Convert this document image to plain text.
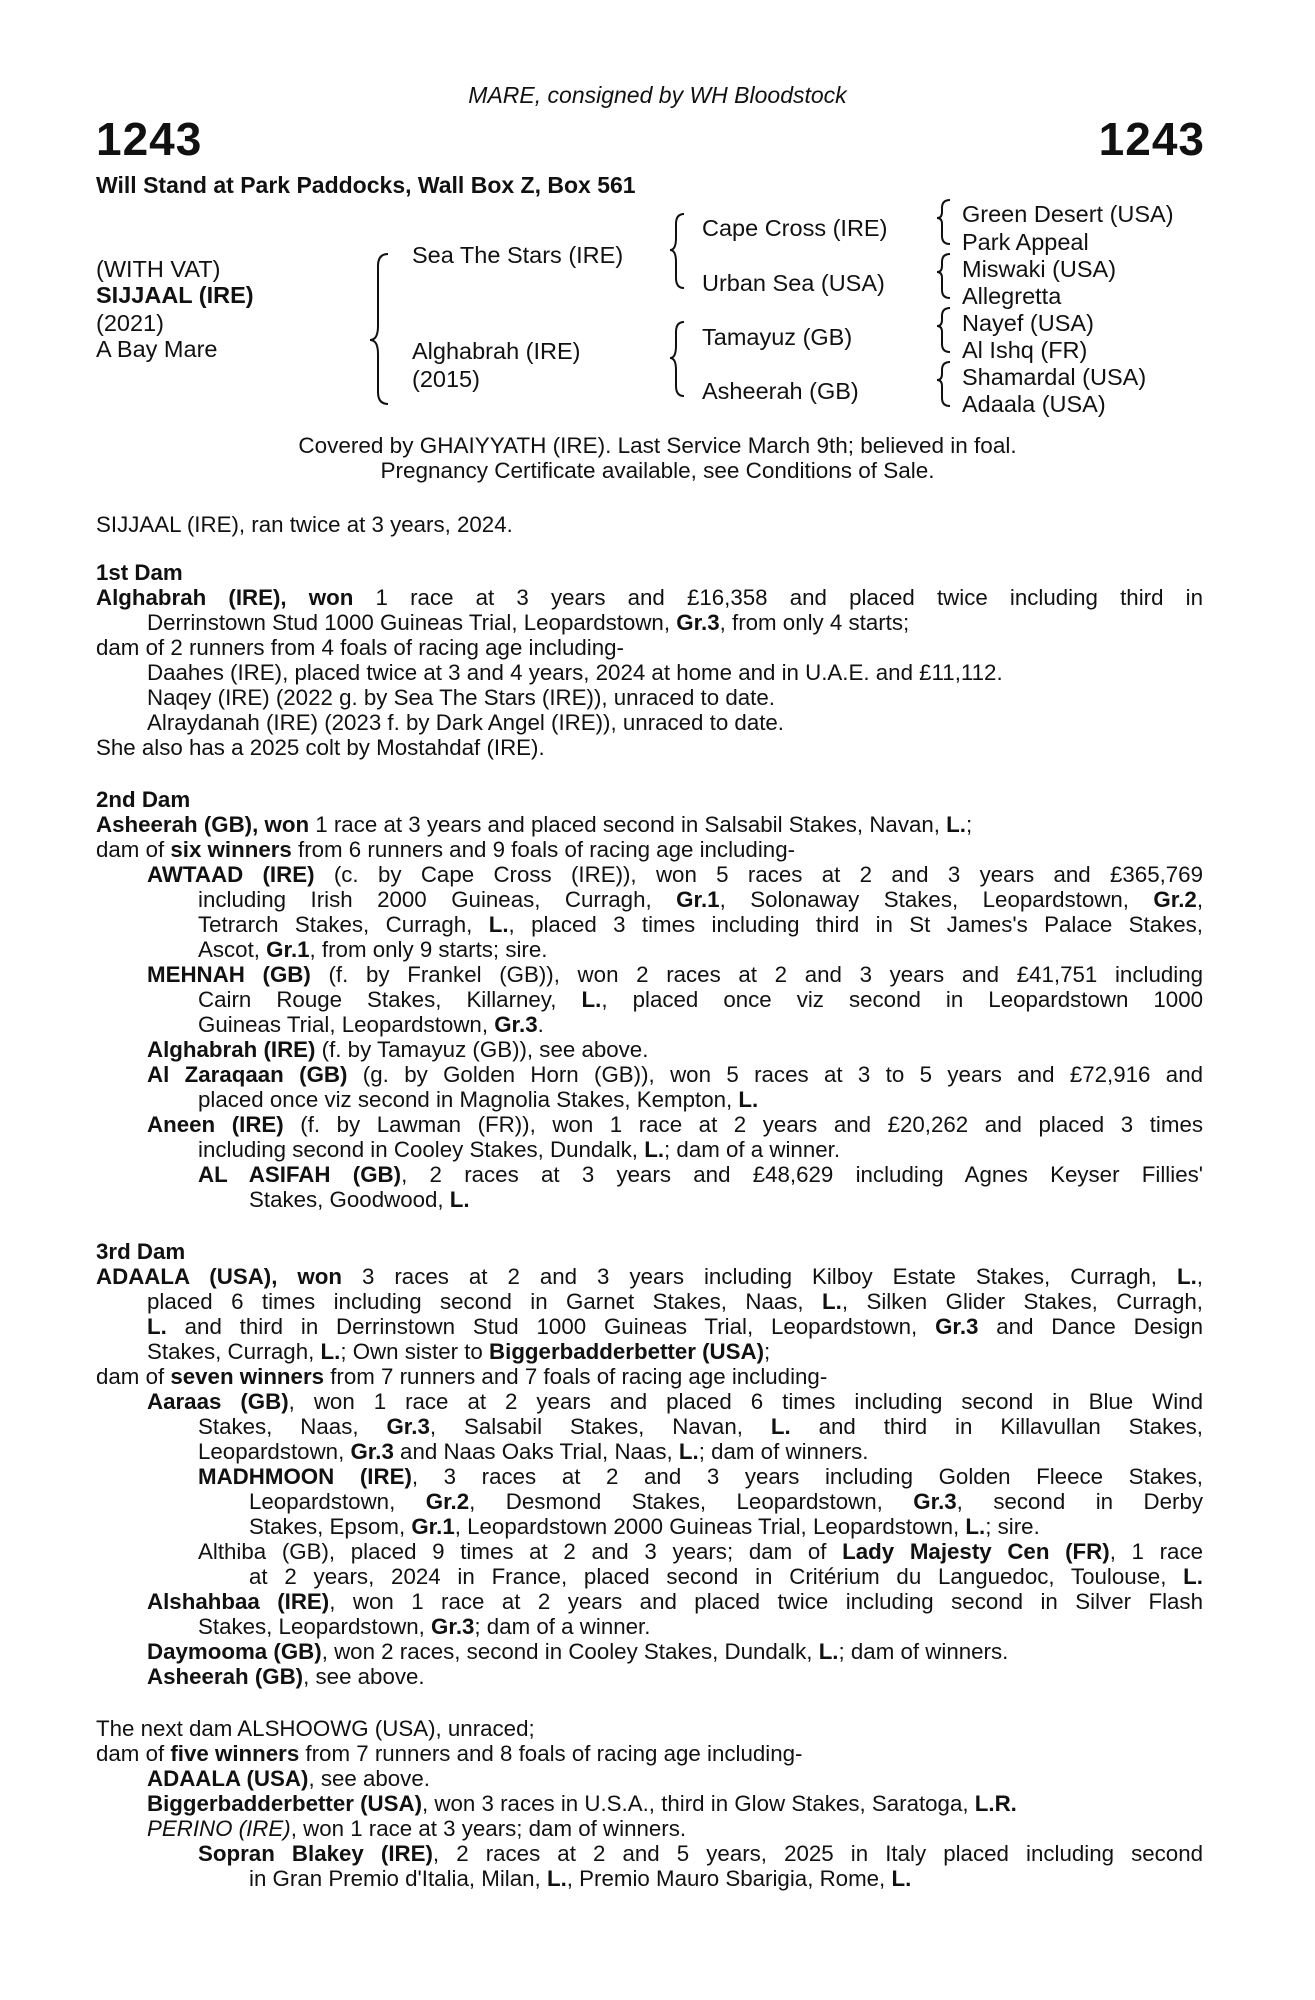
MARE, consigned by WH Bloodstock
1243	1243
Will Stand at Park Paddocks, Wall Box Z, Box 561
(WITH VAT)
SIJJAAL (IRE)
(2021)
A Bay Mare
Sea The Stars (IRE)
Alghabrah (IRE)
(2015)
Cape Cross (IRE)
Urban Sea (USA)
Tamayuz (GB)
Asheerah (GB)
Green Desert (USA)
Park Appeal
Miswaki (USA)
Allegretta
Nayef (USA)
Al Ishq (FR)
Shamardal (USA)
Adaala (USA)
Covered by GHAIYYATH (IRE). Last Service March 9th; believed in foal.
Pregnancy Certificate available, see Conditions of Sale.
SIJJAAL (IRE), ran twice at 3 years, 2024.
1st Dam
Alghabrah (IRE), won 1 race at 3 years and £16,358 and placed twice including third in
Derrinstown Stud 1000 Guineas Trial, Leopardstown, Gr.3, from only 4 starts;
dam of 2 runners from 4 foals of racing age including-
Daahes (IRE), placed twice at 3 and 4 years, 2024 at home and in U.A.E. and £11,112.
Naqey (IRE) (2022 g. by Sea The Stars (IRE)), unraced to date.
Alraydanah (IRE) (2023 f. by Dark Angel (IRE)), unraced to date.
She also has a 2025 colt by Mostahdaf (IRE).
2nd Dam
Asheerah (GB), won 1 race at 3 years and placed second in Salsabil Stakes, Navan, L.;
dam of six winners from 6 runners and 9 foals of racing age including-
AWTAAD (IRE) (c. by Cape Cross (IRE)), won 5 races at 2 and 3 years and £365,769
including Irish 2000 Guineas, Curragh, Gr.1, Solonaway Stakes, Leopardstown, Gr.2,
Tetrarch Stakes, Curragh, L., placed 3 times including third in St James's Palace Stakes,
Ascot, Gr.1, from only 9 starts; sire.
MEHNAH (GB) (f. by Frankel (GB)), won 2 races at 2 and 3 years and £41,751 including
Cairn Rouge Stakes, Killarney, L., placed once viz second in Leopardstown 1000
Guineas Trial, Leopardstown, Gr.3.
Alghabrah (IRE) (f. by Tamayuz (GB)), see above.
Al Zaraqaan (GB) (g. by Golden Horn (GB)), won 5 races at 3 to 5 years and £72,916 and
placed once viz second in Magnolia Stakes, Kempton, L.
Aneen (IRE) (f. by Lawman (FR)), won 1 race at 2 years and £20,262 and placed 3 times
including second in Cooley Stakes, Dundalk, L.; dam of a winner.
AL ASIFAH (GB), 2 races at 3 years and £48,629 including Agnes Keyser Fillies'
Stakes, Goodwood, L.
3rd Dam
ADAALA (USA), won 3 races at 2 and 3 years including Kilboy Estate Stakes, Curragh, L.,
placed 6 times including second in Garnet Stakes, Naas, L., Silken Glider Stakes, Curragh,
L. and third in Derrinstown Stud 1000 Guineas Trial, Leopardstown, Gr.3 and Dance Design
Stakes, Curragh, L.; Own sister to Biggerbadderbetter (USA);
dam of seven winners from 7 runners and 7 foals of racing age including-
Aaraas (GB), won 1 race at 2 years and placed 6 times including second in Blue Wind
Stakes, Naas, Gr.3, Salsabil Stakes, Navan, L. and third in Killavullan Stakes,
Leopardstown, Gr.3 and Naas Oaks Trial, Naas, L.; dam of winners.
MADHMOON (IRE), 3 races at 2 and 3 years including Golden Fleece Stakes,
Leopardstown, Gr.2, Desmond Stakes, Leopardstown, Gr.3, second in Derby
Stakes, Epsom, Gr.1, Leopardstown 2000 Guineas Trial, Leopardstown, L.; sire.
Althiba (GB), placed 9 times at 2 and 3 years; dam of Lady Majesty Cen (FR), 1 race
at 2 years, 2024 in France, placed second in Critérium du Languedoc, Toulouse, L.
Alshahbaa (IRE), won 1 race at 2 years and placed twice including second in Silver Flash
Stakes, Leopardstown, Gr.3; dam of a winner.
Daymooma (GB), won 2 races, second in Cooley Stakes, Dundalk, L.; dam of winners.
Asheerah (GB), see above.
The next dam ALSHOOWG (USA), unraced;
dam of five winners from 7 runners and 8 foals of racing age including-
ADAALA (USA), see above.
Biggerbadderbetter (USA), won 3 races in U.S.A., third in Glow Stakes, Saratoga, L.R.
PERINO (IRE), won 1 race at 3 years; dam of winners.
Sopran Blakey (IRE), 2 races at 2 and 5 years, 2025 in Italy placed including second
in Gran Premio d'Italia, Milan, L., Premio Mauro Sbarigia, Rome, L.
